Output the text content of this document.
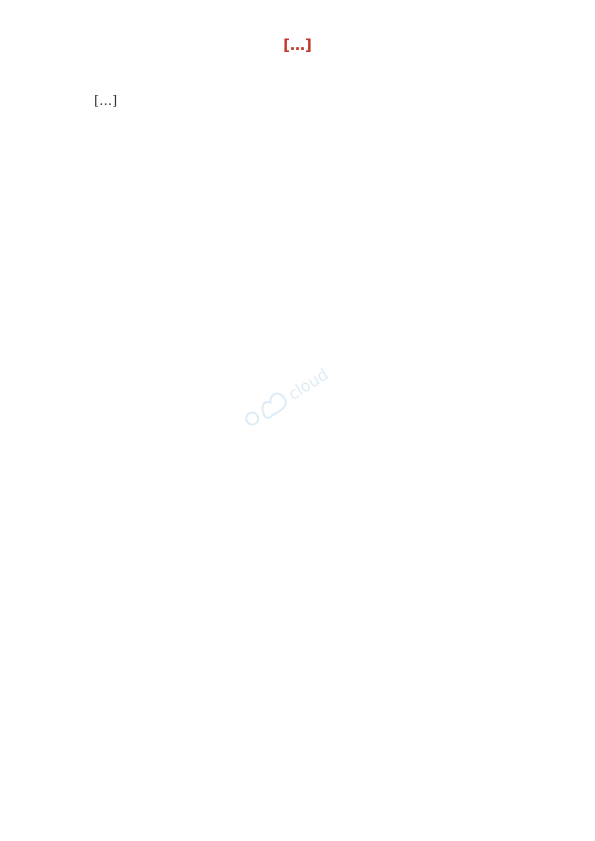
[…]

[…]

cloud
